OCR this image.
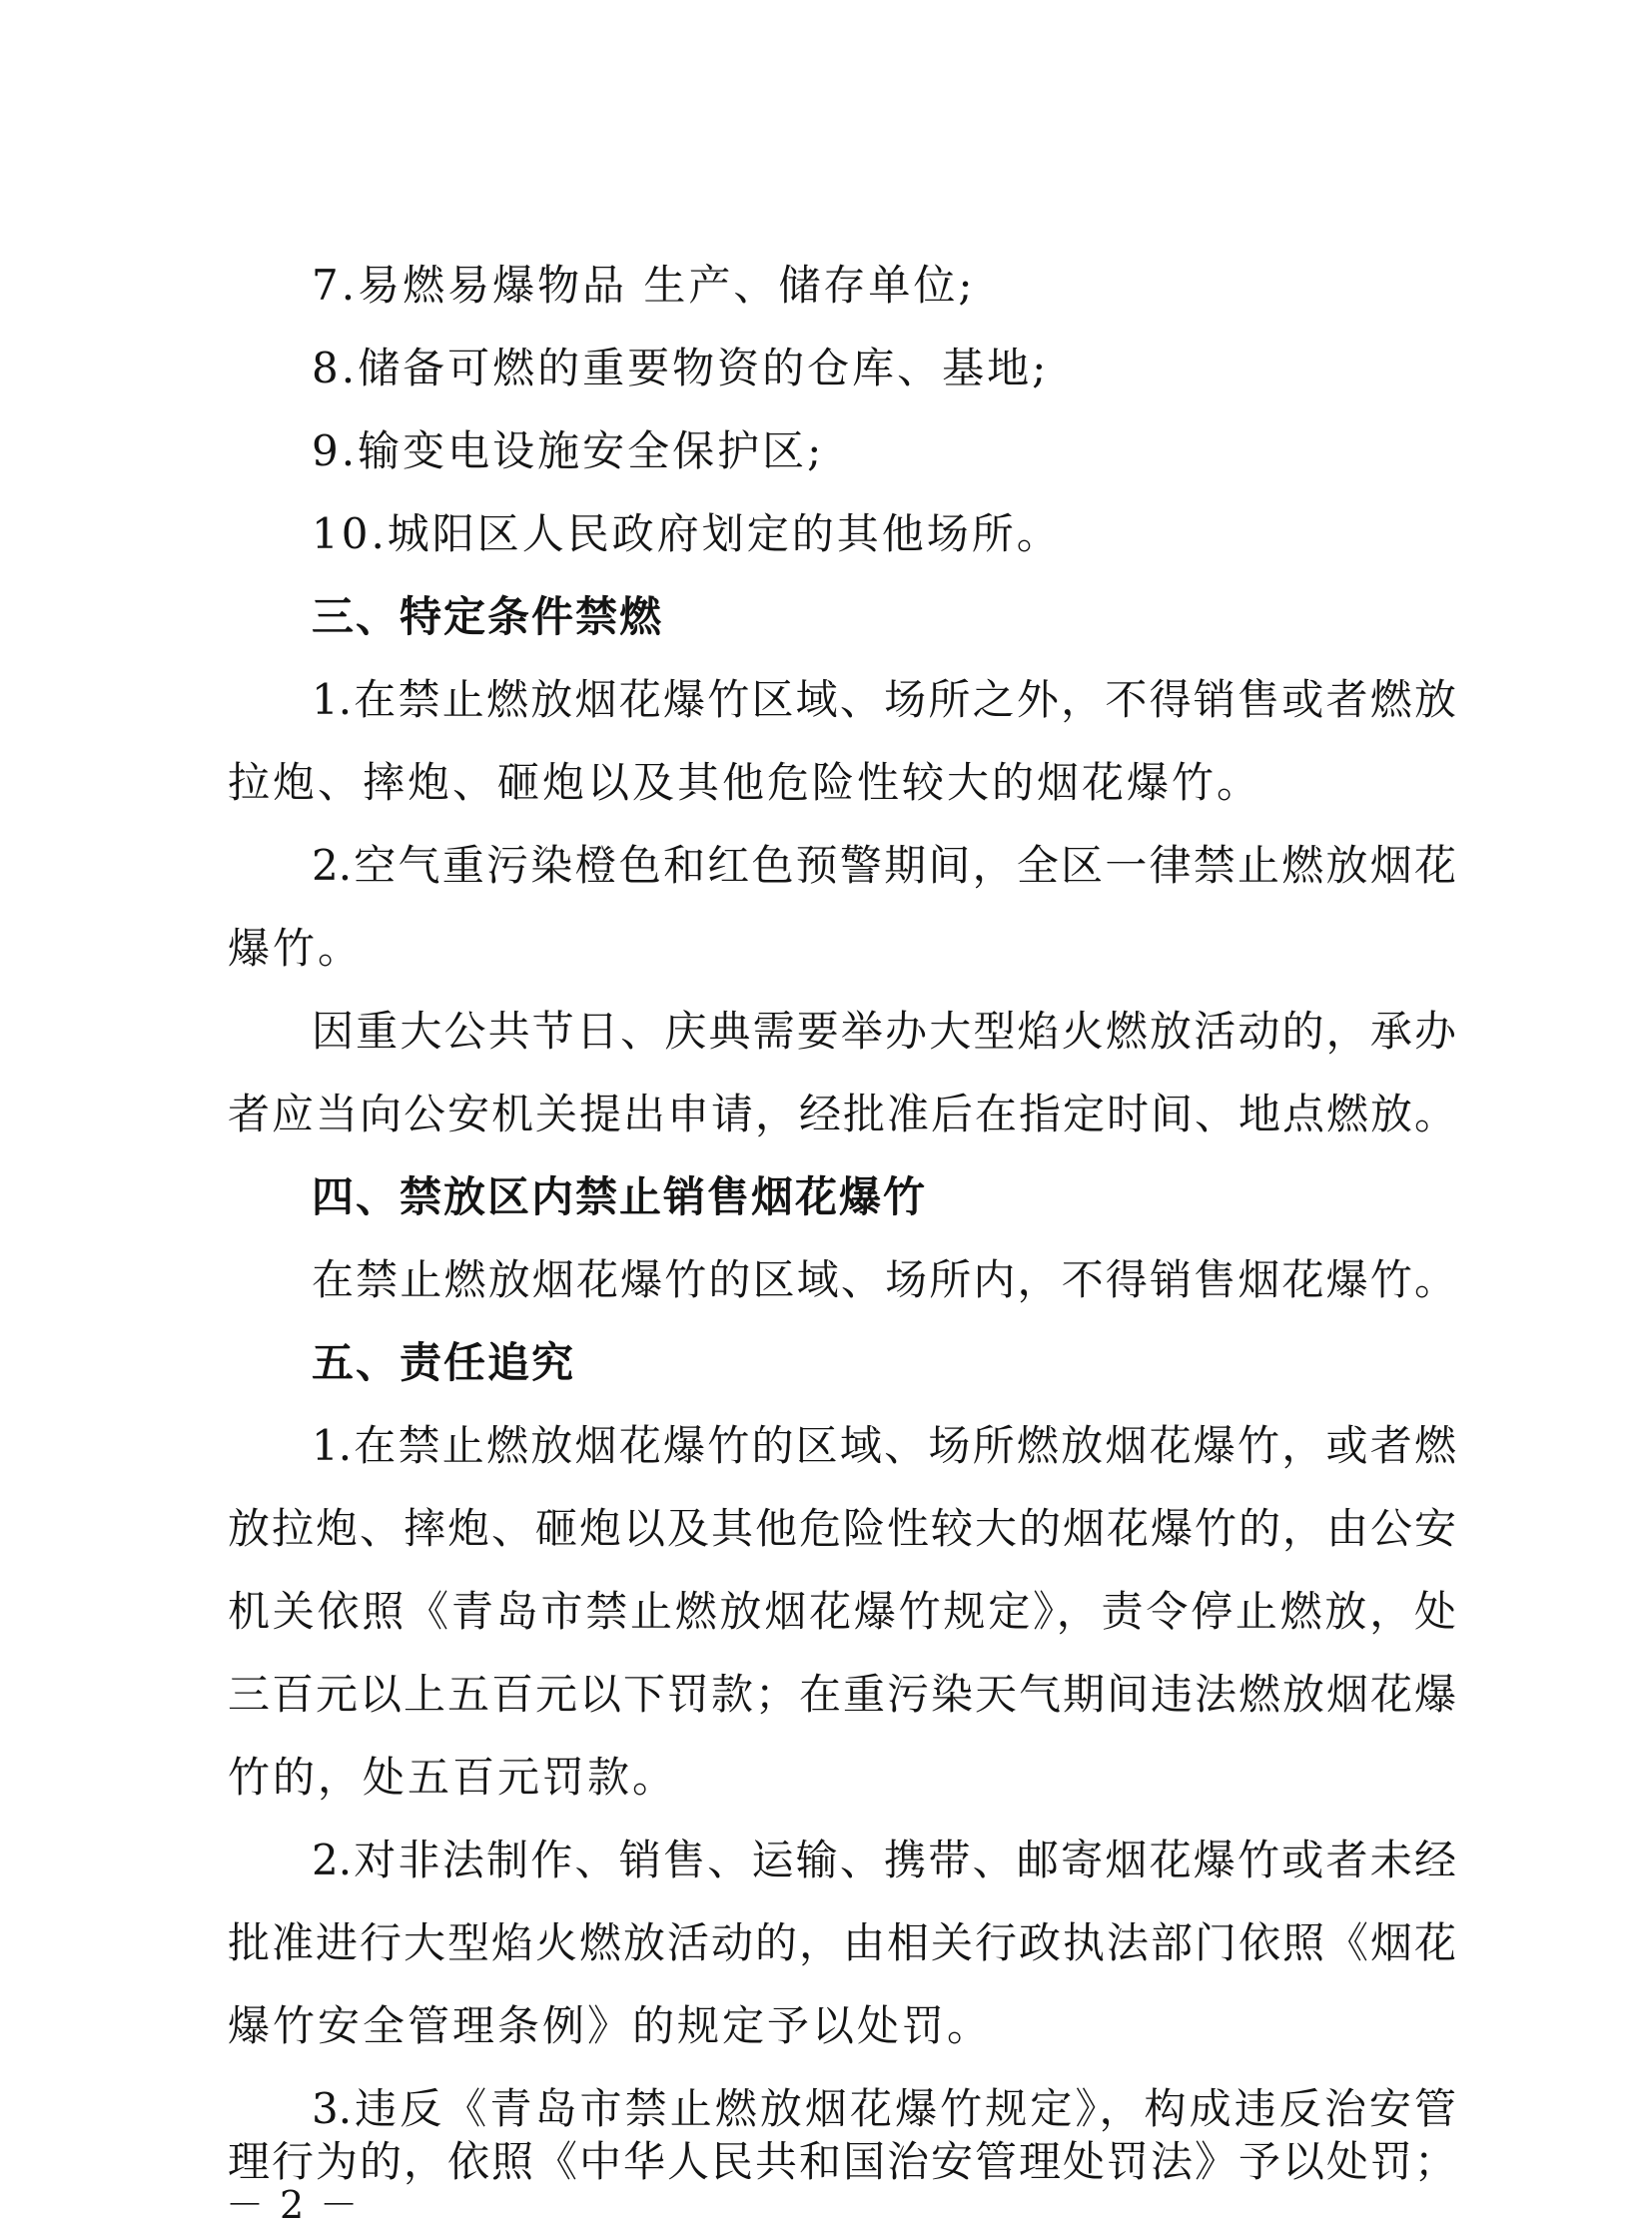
7.易燃易爆物品 生产、储存单位;
8.储备可燃的重要物资的仓库、基地;
9.输变电设施安全保护区;
10.城阳区人民政府划定的其他场所。
三、特定条件禁燃
1.在禁止燃放烟花爆竹区域、场所之外，不得销售或者燃放
拉炮、摔炮、砸炮以及其他危险性较大的烟花爆竹。
2.空气重污染橙色和红色预警期间，全区一律禁止燃放烟花
爆竹。
因重大公共节日、庆典需要举办大型焰火燃放活动的，承办
者应当向公安机关提出申请，经批准后在指定时间、地点燃放。
四、禁放区内禁止销售烟花爆竹
在禁止燃放烟花爆竹的区域、场所内，不得销售烟花爆竹。
五、责任追究
1.在禁止燃放烟花爆竹的区域、场所燃放烟花爆竹，或者燃
放拉炮、摔炮、砸炮以及其他危险性较大的烟花爆竹的，由公安
机关依照《青岛市禁止燃放烟花爆竹规定》，责令停止燃放，处
三百元以上五百元以下罚款；在重污染天气期间违法燃放烟花爆
竹的，处五百元罚款。
2.对非法制作、销售、运输、携带、邮寄烟花爆竹或者未经
批准进行大型焰火燃放活动的，由相关行政执法部门依照《烟花
爆竹安全管理条例》的规定予以处罚。
3.违反《青岛市禁止燃放烟花爆竹规定》，构成违反治安管
理行为的，依照《中华人民共和国治安管理处罚法》予以处罚；
－2－
